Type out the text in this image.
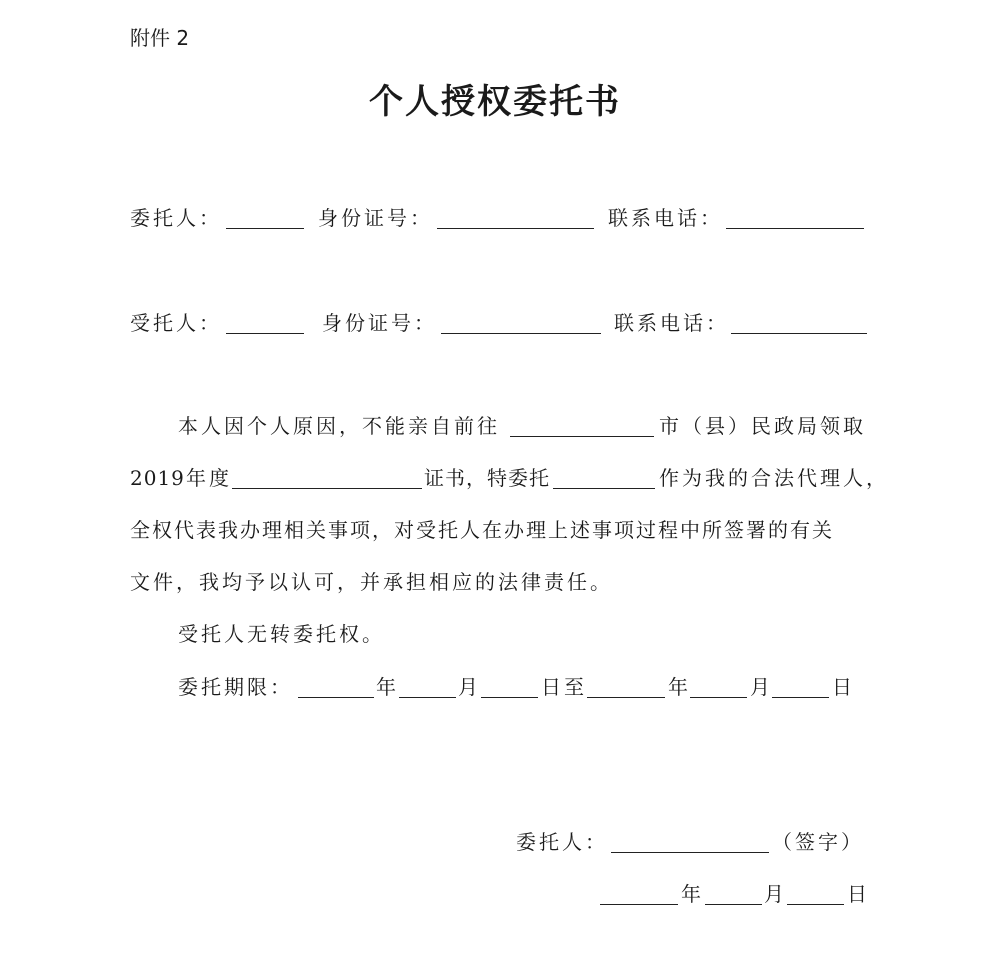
附件 2
个人授权委托书
委托人：	身份证号：	联系电话：
受托人：	身份证号：	联系电话：
本人因个人原因，不能亲自前往	市（县）民政局领取
2019 年度	证书，特委托	作为我的合法代理人，
全权代表我办理相关事项，对受托人在办理上述事项过程中所签署的有关
文件，我均予以认可，并承担相应的法律责任。
受托人无转委托权。
委托期限：	年	月	日至	年	月	日
委托人：	（签字）
年	月	日
